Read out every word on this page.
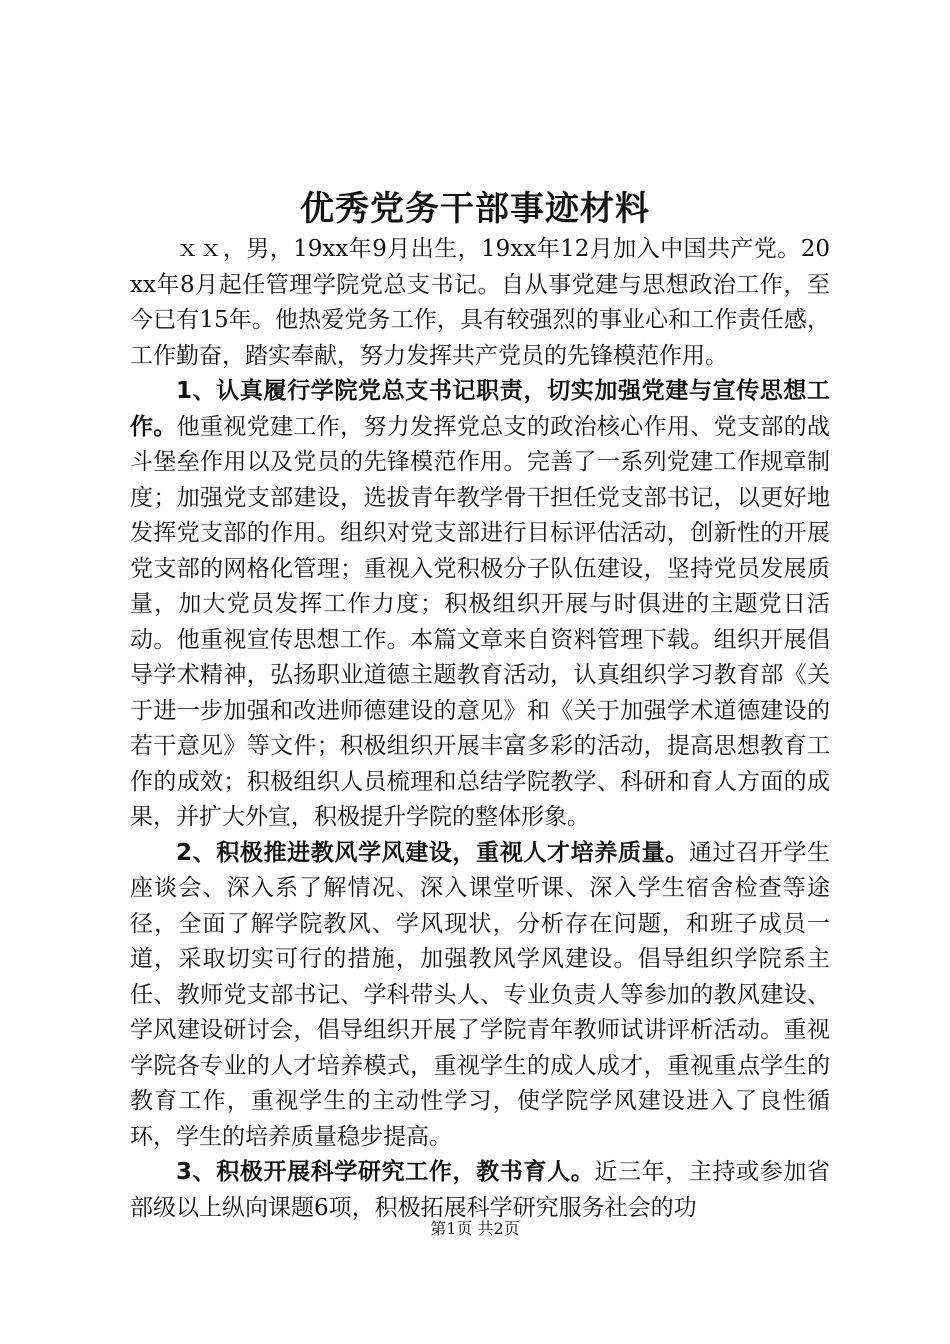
优秀党务干部事迹材料

ｘｘ，男，19xx年9月出生，19xx年12月加入中国共产党。20xx年8月起任管理学院党总支书记。自从事党建与思想政治工作，至今已有15年。他热爱党务工作，具有较强烈的事业心和工作责任感，工作勤奋，踏实奉献，努力发挥共产党员的先锋模范作用。

1、认真履行学院党总支书记职责，切实加强党建与宣传思想工作。他重视党建工作，努力发挥党总支的政治核心作用、党支部的战斗堡垒作用以及党员的先锋模范作用。完善了一系列党建工作规章制度；加强党支部建设，选拔青年教学骨干担任党支部书记，以更好地发挥党支部的作用。组织对党支部进行目标评估活动，创新性的开展党支部的网格化管理；重视入党积极分子队伍建设，坚持党员发展质量，加大党员发挥工作力度；积极组织开展与时俱进的主题党日活动。他重视宣传思想工作。本篇文章来自资料管理下载。组织开展倡导学术精神，弘扬职业道德主题教育活动，认真组织学习教育部《关于进一步加强和改进师德建设的意见》和《关于加强学术道德建设的若干意见》等文件；积极组织开展丰富多彩的活动，提高思想教育工作的成效；积极组织人员梳理和总结学院教学、科研和育人方面的成果，并扩大外宣，积极提升学院的整体形象。

2、积极推进教风学风建设，重视人才培养质量。通过召开学生座谈会、深入系了解情况、深入课堂听课、深入学生宿舍检查等途径，全面了解学院教风、学风现状，分析存在问题，和班子成员一道，采取切实可行的措施，加强教风学风建设。倡导组织学院系主任、教师党支部书记、学科带头人、专业负责人等参加的教风建设、学风建设研讨会，倡导组织开展了学院青年教师试讲评析活动。重视学院各专业的人才培养模式，重视学生的成人成才，重视重点学生的教育工作，重视学生的主动性学习，使学院学风建设进入了良性循环，学生的培养质量稳步提高。

3、积极开展科学研究工作，教书育人。近三年，主持或参加省部级以上纵向课题6项，积极拓展科学研究服务社会的功

第1页 共2页
